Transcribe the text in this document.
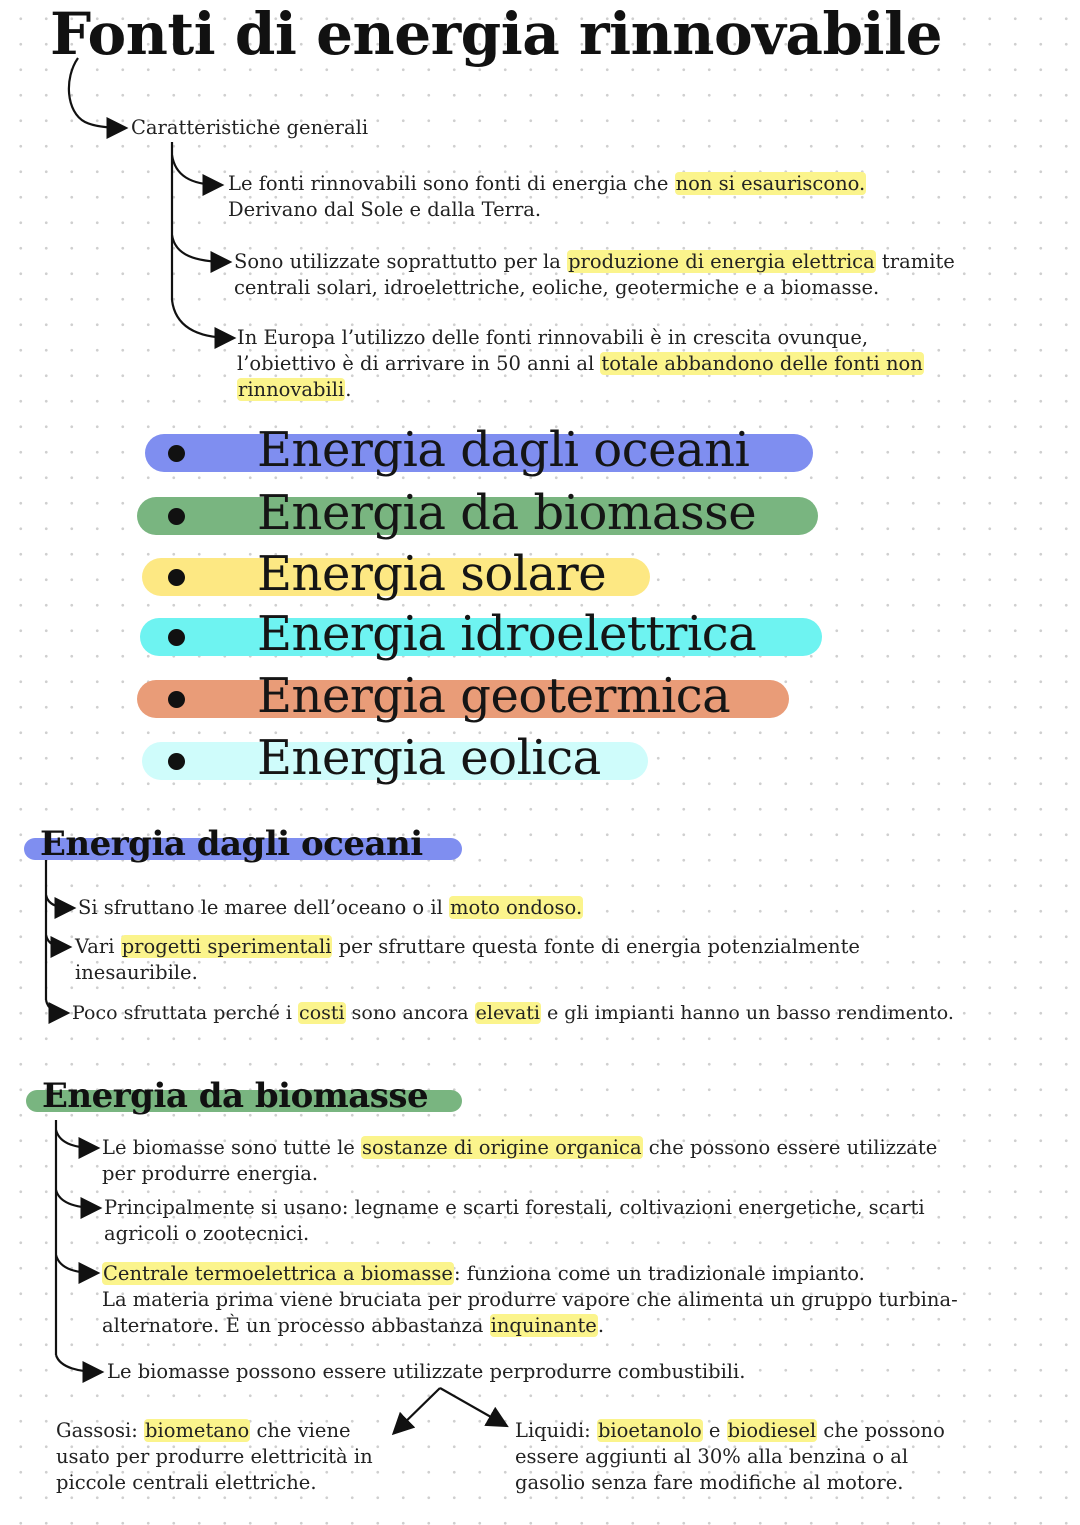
Fonti di energia rinnovabile
Caratteristiche generali
Le fonti rinnovabili sono fonti di energia che non si esauriscono.
Derivano dal Sole e dalla Terra.
Sono utilizzate soprattutto per la produzione di energia elettrica tramite
centrali solari, idroelettriche, eoliche, geotermiche e a biomasse.
In Europa l’utilizzo delle fonti rinnovabili è in crescita ovunque,
l’obiettivo è di arrivare in 50 anni al totale abbandono delle fonti non
rinnovabili.
Energia dagli oceani
Energia da biomasse
Energia solare
Energia idroelettrica
Energia geotermica
Energia eolica
Energia dagli oceani
Si sfruttano le maree dell’oceano o il moto ondoso.
Vari progetti sperimentali per sfruttare questa fonte di energia potenzialmente
inesauribile.
Poco sfruttata perché i costi sono ancora elevati e gli impianti hanno un basso rendimento.
Energia da biomasse
Le biomasse sono tutte le sostanze di origine organica che possono essere utilizzate
per produrre energia.
Principalmente si usano: legname e scarti forestali, coltivazioni energetiche, scarti
agricoli o zootecnici.
Centrale termoelettrica a biomasse: funziona come un tradizionale impianto.
La materia prima viene bruciata per produrre vapore che alimenta un gruppo turbina-
alternatore. È un processo abbastanza inquinante.
Le biomasse possono essere utilizzate perprodurre combustibili.
Gassosi: biometano che viene
usato per produrre elettricità in
piccole centrali elettriche.
Liquidi: bioetanolo e biodiesel che possono
essere aggiunti al 30% alla benzina o al
gasolio senza fare modifiche al motore.
